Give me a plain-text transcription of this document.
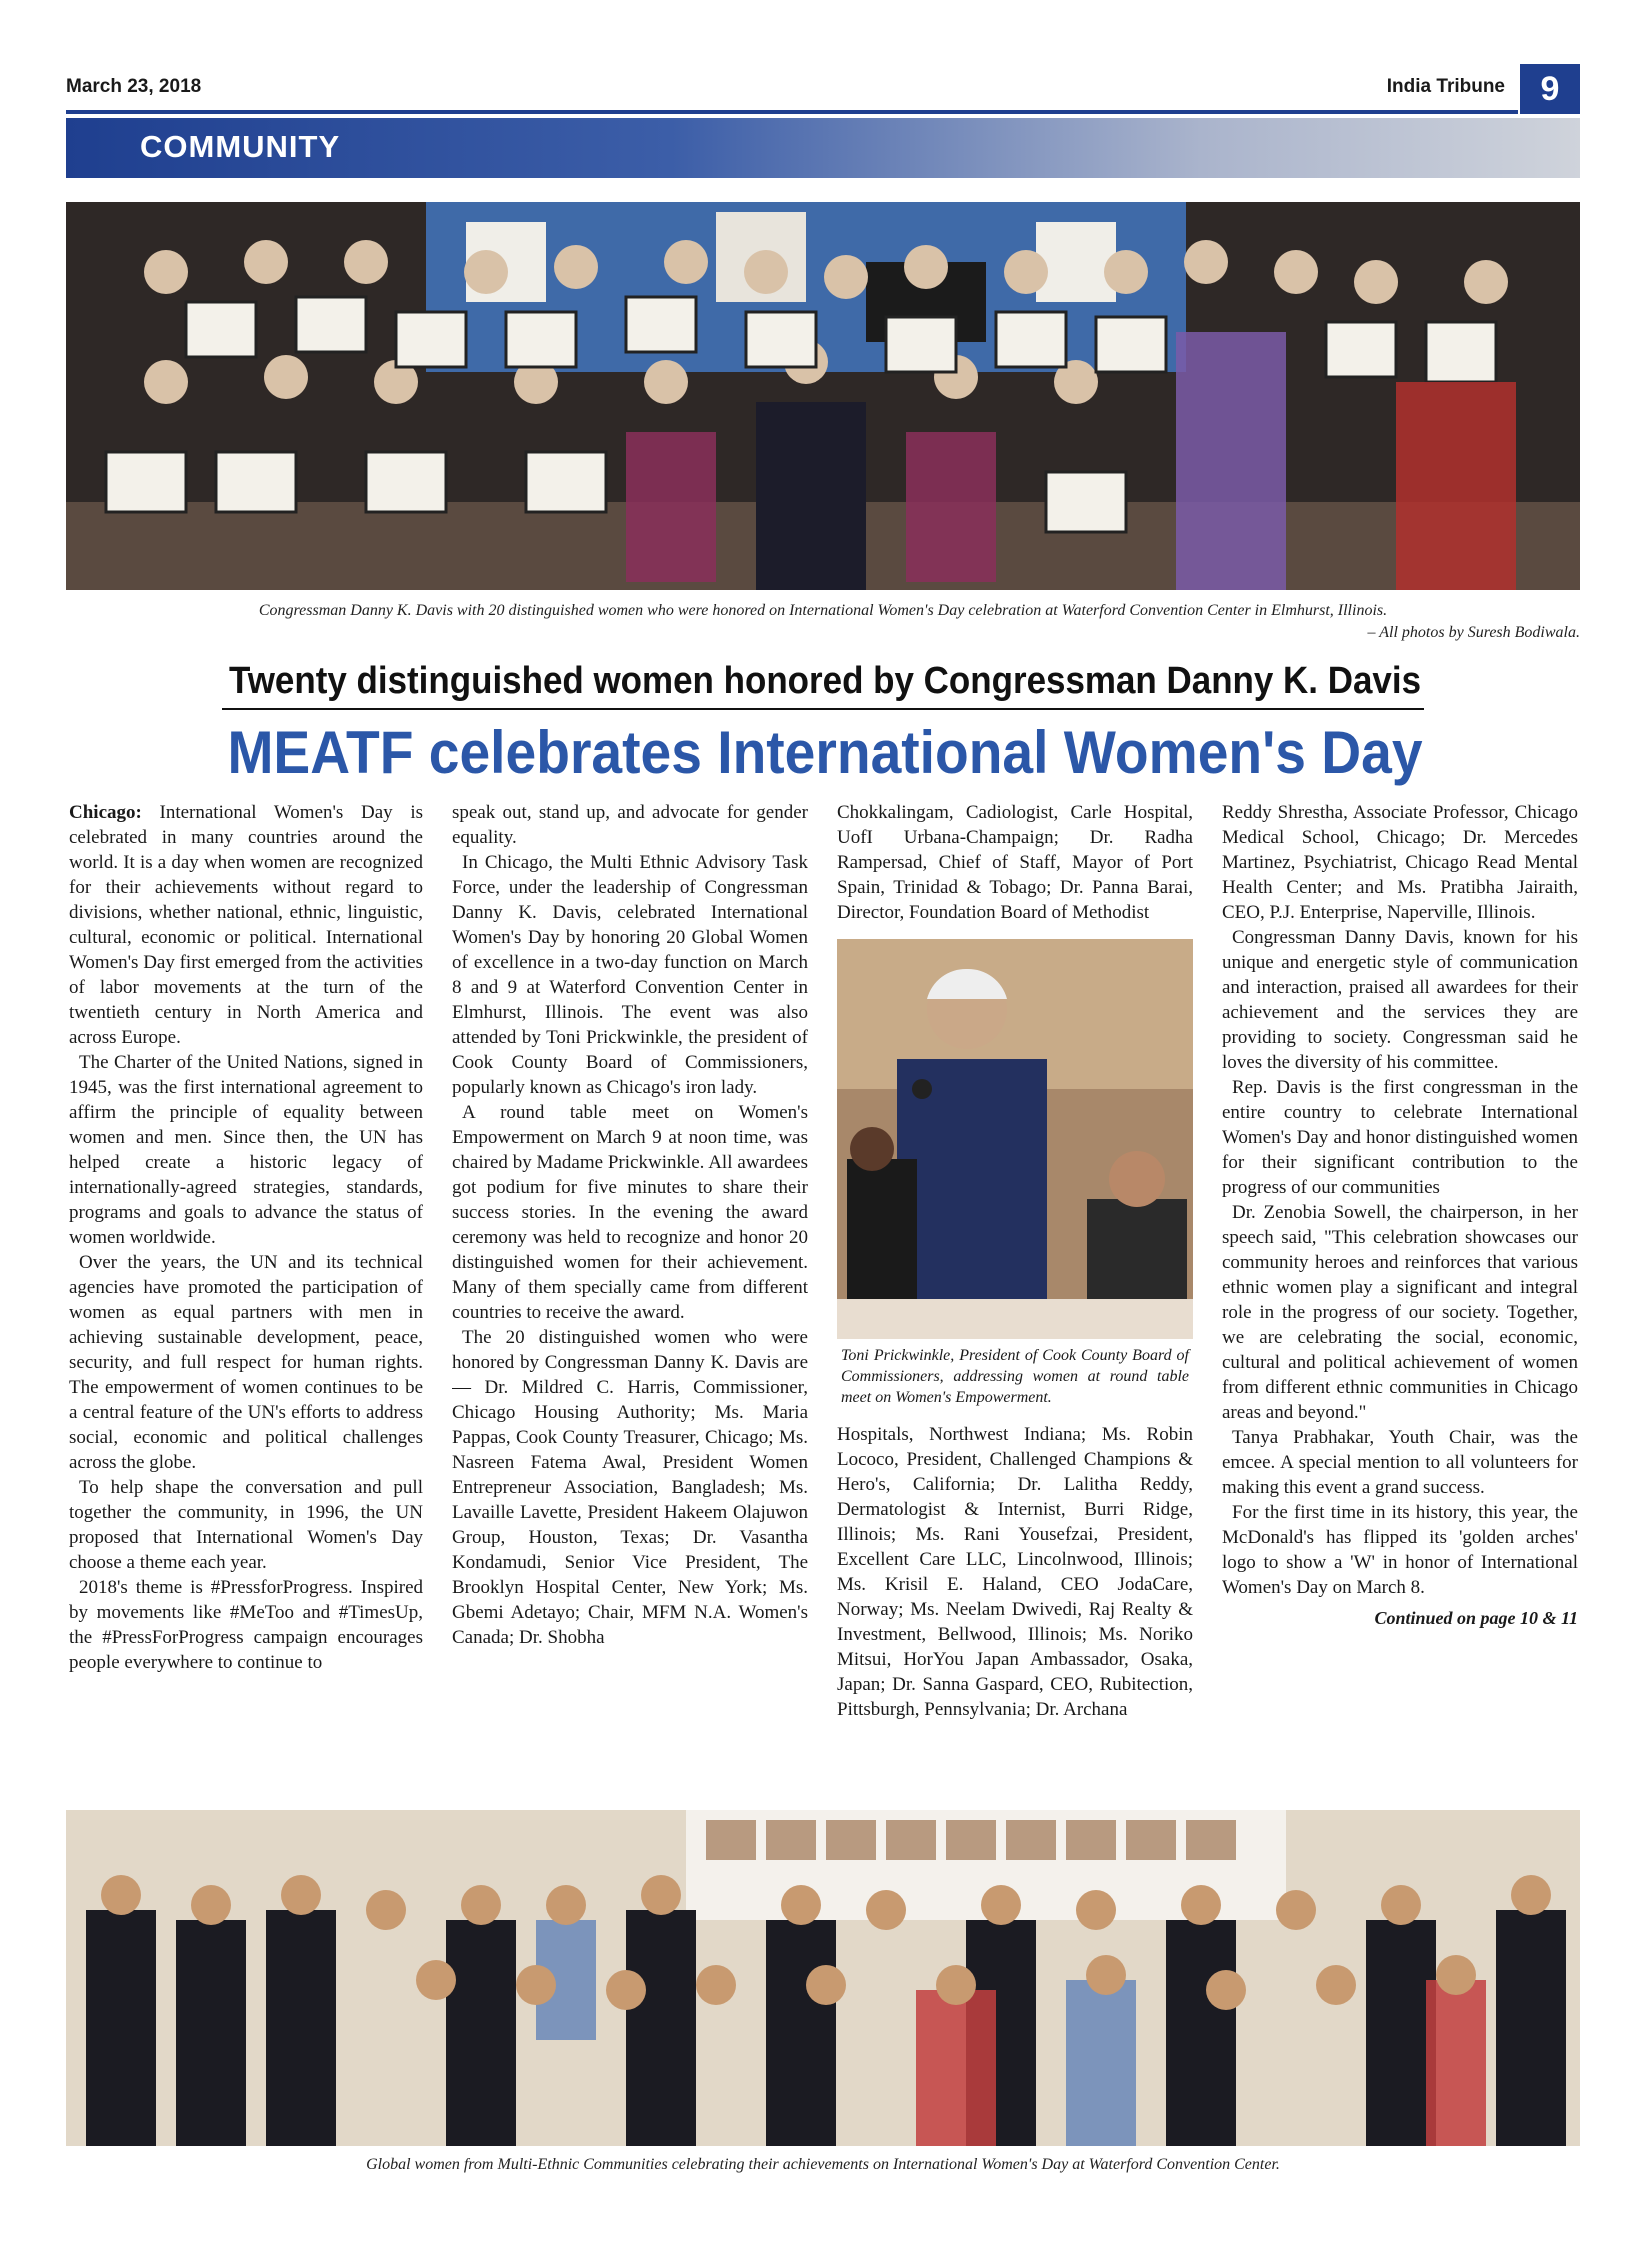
March 23, 2018	India Tribune	9
COMMUNITY
Congressman Danny K. Davis with 20 distinguished women who were honored on International Women's Day celebration at Waterford Convention Center in Elmhurst, Illinois.
– All photos by Suresh Bodiwala.
Twenty distinguished women honored by Congressman Danny K. Davis
MEATF celebrates International Women's Day

Chicago: International Women's Day is celebrated in many countries around the world. It is a day when women are recognized for their achievements without regard to divisions, whether national, ethnic, linguistic, cultural, economic or political. International Women's Day first emerged from the activities of labor movements at the turn of the twentieth century in North America and across Europe.

The Charter of the United Nations, signed in 1945, was the first international agreement to affirm the principle of equality between women and men. Since then, the UN has helped create a historic legacy of internationally-agreed strategies, standards, programs and goals to advance the status of women worldwide.

Over the years, the UN and its technical agencies have promoted the participation of women as equal partners with men in achieving sustainable development, peace, security, and full respect for human rights. The empowerment of women continues to be a central feature of the UN's efforts to address social, economic and political challenges across the globe.

To help shape the conversation and pull together the community, in 1996, the UN proposed that International Women's Day choose a theme each year.

2018's theme is #PressforProgress. Inspired by movements like #MeToo and #TimesUp, the #PressForProgress campaign encourages people everywhere to continue to

speak out, stand up, and advocate for gender equality.

In Chicago, the Multi Ethnic Advisory Task Force, under the leadership of Congressman Danny K. Davis, celebrated International Women's Day by honoring 20 Global Women of excellence in a two-day function on March 8 and 9 at Waterford Convention Center in Elmhurst, Illinois. The event was also attended by Toni Prickwinkle, the president of Cook County Board of Commissioners, popularly known as Chicago's iron lady.

A round table meet on Women's Empowerment on March 9 at noon time, was chaired by Madame Prickwinkle. All awardees got podium for five minutes to share their success stories. In the evening the award ceremony was held to recognize and honor 20 distinguished women for their achievement. Many of them specially came from different countries to receive the award.

The 20 distinguished women who were honored by Congressman Danny K. Davis are — Dr. Mildred C. Harris, Commissioner, Chicago Housing Authority; Ms. Maria Pappas, Cook County Treasurer, Chicago; Ms. Nasreen Fatema Awal, President Women Entrepreneur Association, Bangladesh; Ms. Lavaille Lavette, President Hakeem Olajuwon Group, Houston, Texas; Dr. Vasantha Kondamudi, Senior Vice President, The Brooklyn Hospital Center, New York; Ms. Gbemi Adetayo; Chair, MFM N.A. Women's Canada; Dr. Shobha

Chokkalingam, Cadiologist, Carle Hospital, UofI Urbana-Champaign; Dr. Radha Rampersad, Chief of Staff, Mayor of Port Spain, Trinidad & Tobago; Dr. Panna Barai, Director, Foundation Board of Methodist

Toni Prickwinkle, President of Cook County Board of Commissioners, addressing women at round table meet on Women's Empowerment.

Hospitals, Northwest Indiana; Ms. Robin Lococo, President, Challenged Champions & Hero's, California; Dr. Lalitha Reddy, Dermatologist & Internist, Burri Ridge, Illinois; Ms. Rani Yousefzai, President, Excellent Care LLC, Lincolnwood, Illinois; Ms. Krisil E. Haland, CEO JodaCare, Norway; Ms. Neelam Dwivedi, Raj Realty & Investment, Bellwood, Illinois; Ms. Noriko Mitsui, HorYou Japan Ambassador, Osaka, Japan; Dr. Sanna Gaspard, CEO, Rubitection, Pittsburgh, Pennsylvania; Dr. Archana

Reddy Shrestha, Associate Professor, Chicago Medical School, Chicago; Dr. Mercedes Martinez, Psychiatrist, Chicago Read Mental Health Center; and Ms. Pratibha Jairaith, CEO, P.J. Enterprise, Naperville, Illinois.

Congressman Danny Davis, known for his unique and energetic style of communication and interaction, praised all awardees for their achievement and the services they are providing to society. Congressman said he loves the diversity of his committee.

Rep. Davis is the first congressman in the entire country to celebrate International Women's Day and honor distinguished women for their significant contribution to the progress of our communities

Dr. Zenobia Sowell, the chairperson, in her speech said, "This celebration showcases our community heroes and reinforces that various ethnic women play a significant and integral role in the progress of our society. Together, we are celebrating the social, economic, cultural and political achievement of women from different ethnic communities in Chicago areas and beyond."

Tanya Prabhakar, Youth Chair, was the emcee. A special mention to all volunteers for making this event a grand success.

For the first time in its history, this year, the McDonald's has flipped its 'golden arches' logo to show a 'W' in honor of International Women's Day on March 8.

Continued on page 10 & 11
Global women from Multi-Ethnic Communities celebrating their achievements on International Women's Day at Waterford Convention Center.
